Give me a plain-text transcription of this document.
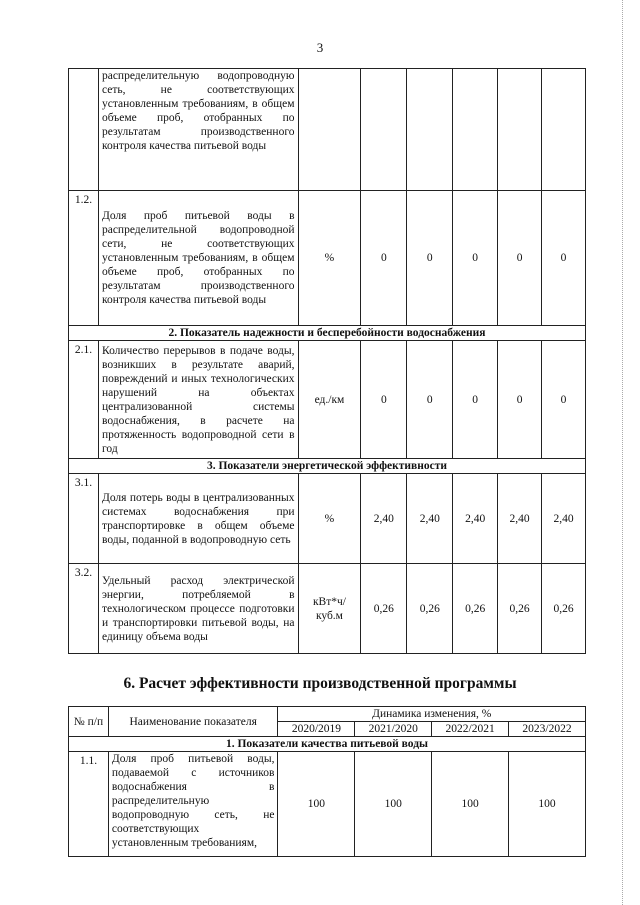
3
	распределительную водопроводную сеть, не соответствующих установленным требованиям, в общем объеме проб, отобранных по результатам производственного контроля качества питьевой воды						
1.2.	Доля проб питьевой воды в распределительной водопроводной сети, не соответствующих установленным требованиям, в общем объеме проб, отобранных по результатам производственного контроля качества питьевой воды	%	0	0	0	0	0
2. Показатель надежности и бесперебойности водоснабжения							
2.1.	Количество перерывов в подаче воды, возникших в результате аварий, повреждений и иных технологических нарушений на объектах централизованной системы водоснабжения, в расчете на протяженность водопроводной сети в год	ед./км	0	0	0	0	0
3. Показатели энергетической эффективности							
3.1.	Доля потерь воды в централизованных системах водоснабжения при транспортировке в общем объеме воды, поданной в водопроводную сеть	%	2,40	2,40	2,40	2,40	2,40
3.2.	Удельный расход электрической энергии, потребляемой в технологическом процессе подготовки и транспортировки питьевой воды, на единицу объема воды	кВт*ч/ куб.м	0,26	0,26	0,26	0,26	0,26
6. Расчет эффективности производственной программы
№ п/п	Наименование показателя	Динамика изменения, %			
		2020/2019	2021/2020	2022/2021	2023/2022
1. Показатели качества питьевой воды					
1.1.	Доля проб питьевой воды, подаваемой с источников водоснабжения в распределительную водопроводную сеть, не соответствующих установленным требованиям,	100	100	100	100
